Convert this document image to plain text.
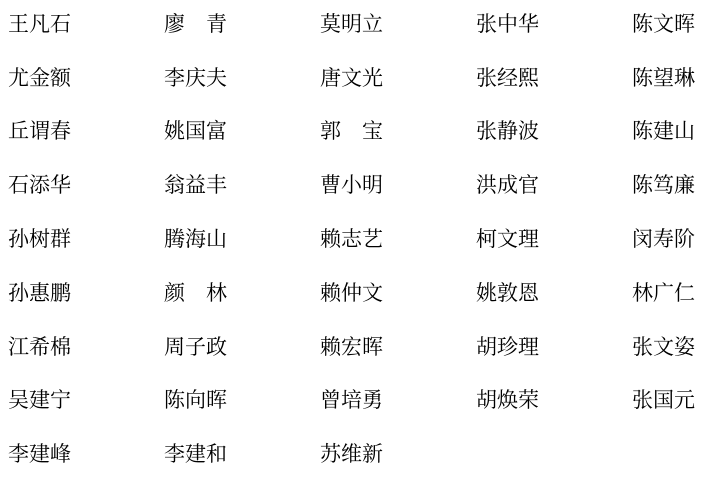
王凡石	廖　青	莫明立	张中华	陈文晖
尤金额	李庆夫	唐文光	张经熙	陈望琳
丘谓春	姚国富	郭　宝	张静波	陈建山
石添华	翁益丰	曹小明	洪成官	陈笃廉
孙树群	腾海山	赖志艺	柯文理	闵寿阶
孙惠鹏	颜　林	赖仲文	姚敦恩	林广仁
江希棉	周子政	赖宏晖	胡珍理	张文姿
吴建宁	陈向晖	曾培勇	胡焕荣	张国元
李建峰	李建和	苏维新
